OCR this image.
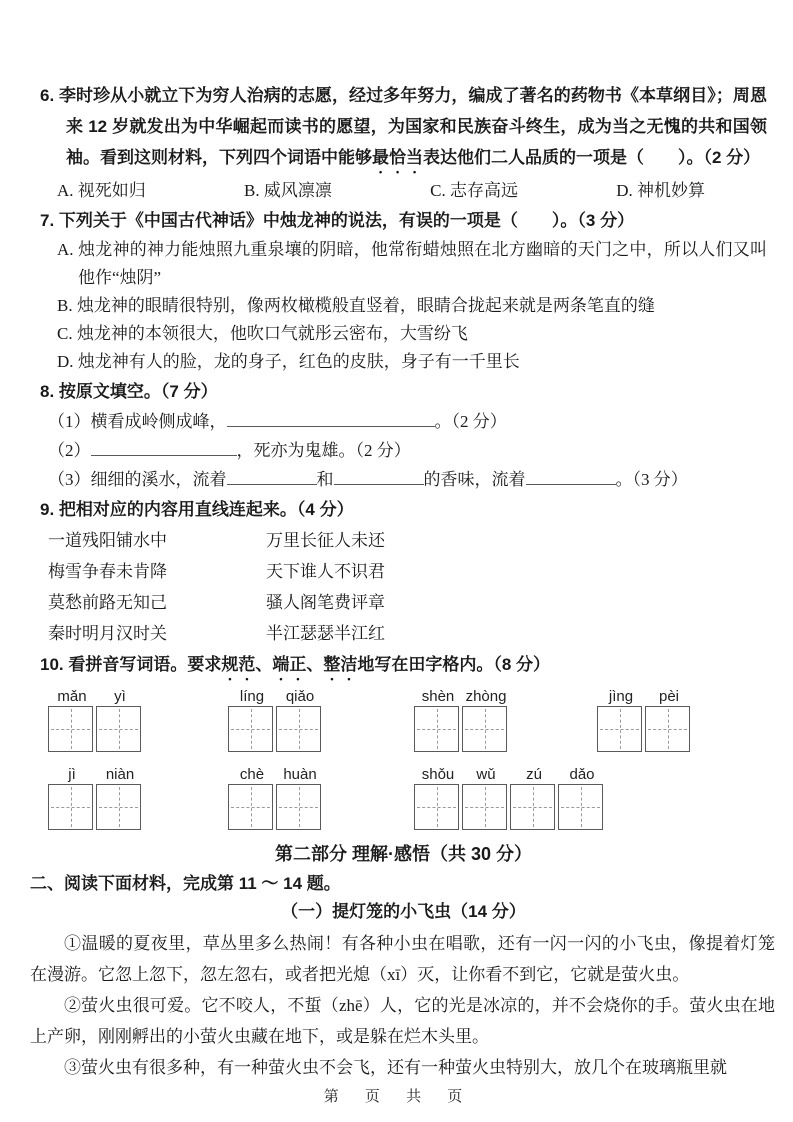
6. 李时珍从小就立下为穷人治病的志愿，经过多年努力，编成了著名的药物书《本草纲目》；周恩来 12 岁就发出为中华崛起而读书的愿望，为国家和民族奋斗终生，成为当之无愧的共和国领袖。看到这则材料，下列四个词语中能够最恰当表达他们二人品质的一项是（　　）。（2 分）

A. 视死如归	B. 威风凛凛	C. 志存高远	D. 神机妙算

7. 下列关于《中国古代神话》中烛龙神的说法，有误的一项是（　　）。（3 分）

A. 烛龙神的神力能烛照九重泉壤的阴暗，他常衔蜡烛照在北方幽暗的天门之中，所以人们又叫他作“烛阴”

B. 烛龙神的眼睛很特别，像两枚橄榄般直竖着，眼睛合拢起来就是两条笔直的缝

C. 烛龙神的本领很大，他吹口气就彤云密布，大雪纷飞

D. 烛龙神有人的脸，龙的身子，红色的皮肤，身子有一千里长

8. 按原文填空。（7 分）

（1）横看成岭侧成峰，	。（2 分）

（2）	，死亦为鬼雄。（2 分）

（3）细细的溪水，流着	和	的香味，流着	。（3 分）

9. 把相对应的内容用直线连起来。（4 分）

一道残阳铺水中	万里长征人未还
梅雪争春未肯降	天下谁人不识君
莫愁前路无知己	骚人阁笔费评章
秦时明月汉时关	半江瑟瑟半江红

10. 看拼音写词语。要求规范、端正、整洁地写在田字格内。（8 分）

mǎn	yì	líng	qiǎo	shèn zhòng	jìng	pèi
jì	niàn	chè	huàn	shǒu	wǔ	zú	dǎo

第二部分 理解·感悟（共 30 分）

二、阅读下面材料，完成第 11 ～ 14 题。

（一）提灯笼的小飞虫（14 分）

①温暖的夏夜里，草丛里多么热闹！有各种小虫在唱歌，还有一闪一闪的小飞虫，像提着灯笼在漫游。它忽上忽下，忽左忽右，或者把光熄（xī）灭，让你看不到它，它就是萤火虫。

②萤火虫很可爱。它不咬人，不蜇（zhē）人，它的光是冰凉的，并不会烧你的手。萤火虫在地上产卵，刚刚孵出的小萤火虫藏在地下，或是躲在烂木头里。

③萤火虫有很多种，有一种萤火虫不会飞，还有一种萤火虫特别大，放几个在玻璃瓶里就

第 页 共 页
